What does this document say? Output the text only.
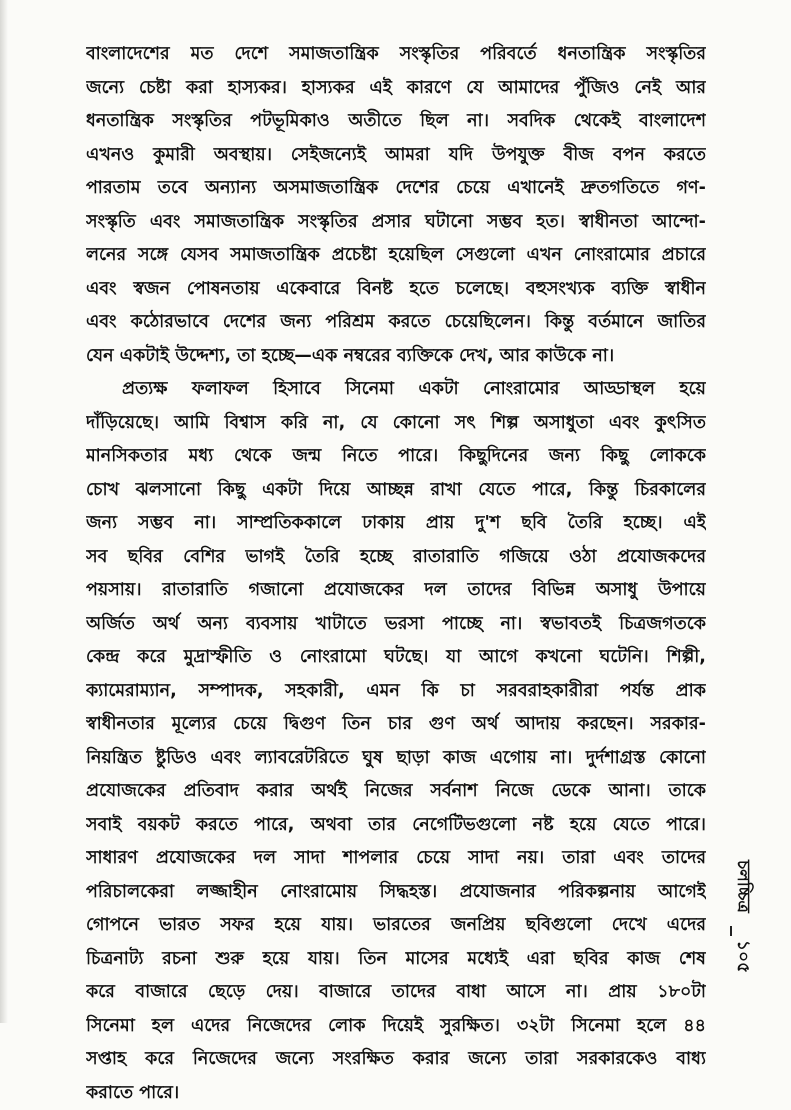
বাংলাদেশের মত দেশে সমাজতান্ত্রিক সংস্কৃতির পরিবর্তে ধনতান্ত্রিক সংস্কৃতির
জন্যে চেষ্টা করা হাস্যকর। হাস্যকর এই কারণে যে আমাদের পুঁজিও নেই আর
ধনতান্ত্রিক সংস্কৃতির পটভূমিকাও অতীতে ছিল না। সবদিক থেকেই বাংলাদেশ
এখনও কুমারী অবস্থায়। সেইজন্যেই আমরা যদি উপযুক্ত বীজ বপন করতে
পারতাম তবে অন্যান্য অসমাজতান্ত্রিক দেশের চেয়ে এখানেই দ্রুতগতিতে গণ-
সংস্কৃতি এবং সমাজতান্ত্রিক সংস্কৃতির প্রসার ঘটানো সম্ভব হত। স্বাধীনতা আন্দো-
লনের সঙ্গে যেসব সমাজতান্ত্রিক প্রচেষ্টা হয়েছিল সেগুলো এখন নোংরামোর প্রচারে
এবং স্বজন পোষনতায় একেবারে বিনষ্ট হতে চলেছে। বহুসংখ্যক ব্যক্তি স্বাধীন
এবং কঠোরভাবে দেশের জন্য পরিশ্রম করতে চেয়েছিলেন। কিন্তু বর্তমানে জাতির
যেন একটাই উদ্দেশ্য, তা হচ্ছে—এক নম্বরের ব্যক্তিকে দেখ, আর কাউকে না।
প্রত্যক্ষ ফলাফল হিসাবে সিনেমা একটা নোংরামোর আড্ডাস্থল হয়ে
দাঁড়িয়েছে। আমি বিশ্বাস করি না, যে কোনো সৎ শিল্প অসাধুতা এবং কুৎসিত
মানসিকতার মধ্য থেকে জন্ম নিতে পারে। কিছুদিনের জন্য কিছু লোককে
চোখ ঝলসানো কিছু একটা দিয়ে আচ্ছন্ন রাখা যেতে পারে, কিন্তু চিরকালের
জন্য সম্ভব না। সাম্প্রতিককালে ঢাকায় প্রায় দু'শ ছবি তৈরি হচ্ছে। এই
সব ছবির বেশির ভাগই তৈরি হচ্ছে রাতারাতি গজিয়ে ওঠা প্রযোজকদের
পয়সায়। রাতারাতি গজানো প্রযোজকের দল তাদের বিভিন্ন অসাধু উপায়ে
অর্জিত অর্থ অন্য ব্যবসায় খাটাতে ভরসা পাচ্ছে না। স্বভাবতই চিত্রজগতকে
কেন্দ্র করে মুদ্রাস্ফীতি ও নোংরামো ঘটছে। যা আগে কখনো ঘটেনি। শিল্পী,
ক্যামেরাম্যান, সম্পাদক, সহকারী, এমন কি চা সরবরাহকারীরা পর্যন্ত প্রাক
স্বাধীনতার মূল্যের চেয়ে দ্বিগুণ তিন চার গুণ অর্থ আদায় করছেন। সরকার-
নিয়ন্ত্রিত ষ্টুডিও এবং ল্যাবরেটরিতে ঘুষ ছাড়া কাজ এগোয় না। দুর্দশাগ্রস্ত কোনো
প্রযোজকের প্রতিবাদ করার অর্থই নিজের সর্বনাশ নিজে ডেকে আনা। তাকে
সবাই বয়কট করতে পারে, অথবা তার নেগেটিভগুলো নষ্ট হয়ে যেতে পারে।
সাধারণ প্রযোজকের দল সাদা শাপলার চেয়ে সাদা নয়। তারা এবং তাদের
পরিচালকেরা লজ্জাহীন নোংরামোয় সিদ্ধহস্ত। প্রযোজনার পরিকল্পনায় আগেই
গোপনে ভারত সফর হয়ে যায়। ভারতের জনপ্রিয় ছবিগুলো দেখে এদের
চিত্রনাট্য রচনা শুরু হয়ে যায়। তিন মাসের মধ্যেই এরা ছবির কাজ শেষ
করে বাজারে ছেড়ে দেয়। বাজারে তাদের বাধা আসে না। প্রায় ১৮০টা
সিনেমা হল এদের নিজেদের লোক দিয়েই সুরক্ষিত। ৩২টা সিনেমা হলে ৪৪
সপ্তাহ করে নিজেদের জন্যে সংরক্ষিত করার জন্যে তারা সরকারকেও বাধ্য
করাতে পারে।
চলচ্চিত্র
১০৫
